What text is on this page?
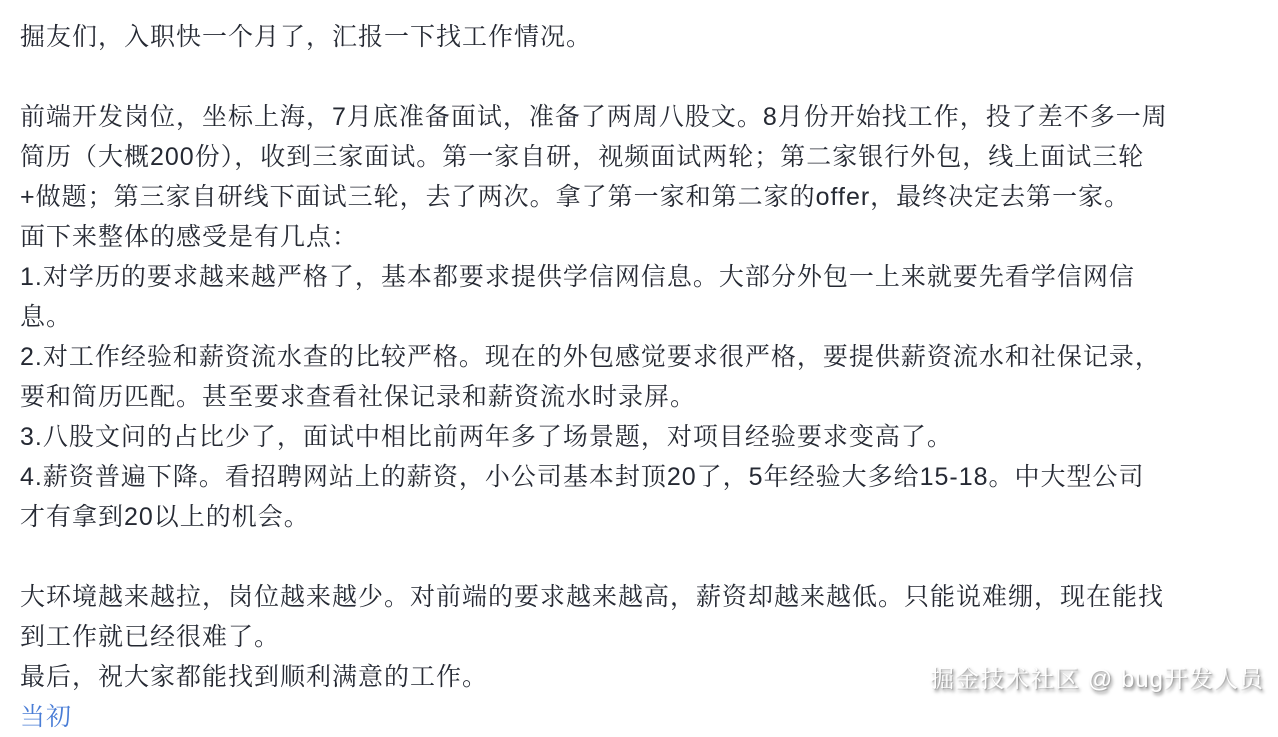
掘友们，入职快一个月了，汇报一下找工作情况。
前端开发岗位，坐标上海，7月底准备面试，准备了两周八股文。8月份开始找工作，投了差不多一周
简历（大概200份），收到三家面试。第一家自研，视频面试两轮；第二家银行外包，线上面试三轮
+做题；第三家自研线下面试三轮，去了两次。拿了第一家和第二家的offer，最终决定去第一家。
面下来整体的感受是有几点：
1.对学历的要求越来越严格了，基本都要求提供学信网信息。大部分外包一上来就要先看学信网信
息。
2.对工作经验和薪资流水查的比较严格。现在的外包感觉要求很严格，要提供薪资流水和社保记录，
要和简历匹配。甚至要求查看社保记录和薪资流水时录屏。
3.八股文问的占比少了，面试中相比前两年多了场景题，对项目经验要求变高了。
4.薪资普遍下降。看招聘网站上的薪资，小公司基本封顶20了，5年经验大多给15-18。中大型公司
才有拿到20以上的机会。
大环境越来越拉，岗位越来越少。对前端的要求越来越高，薪资却越来越低。只能说难绷，现在能找
到工作就已经很难了。
最后，祝大家都能找到顺利满意的工作。
当初
掘金技术社区 @ bug开发人员
